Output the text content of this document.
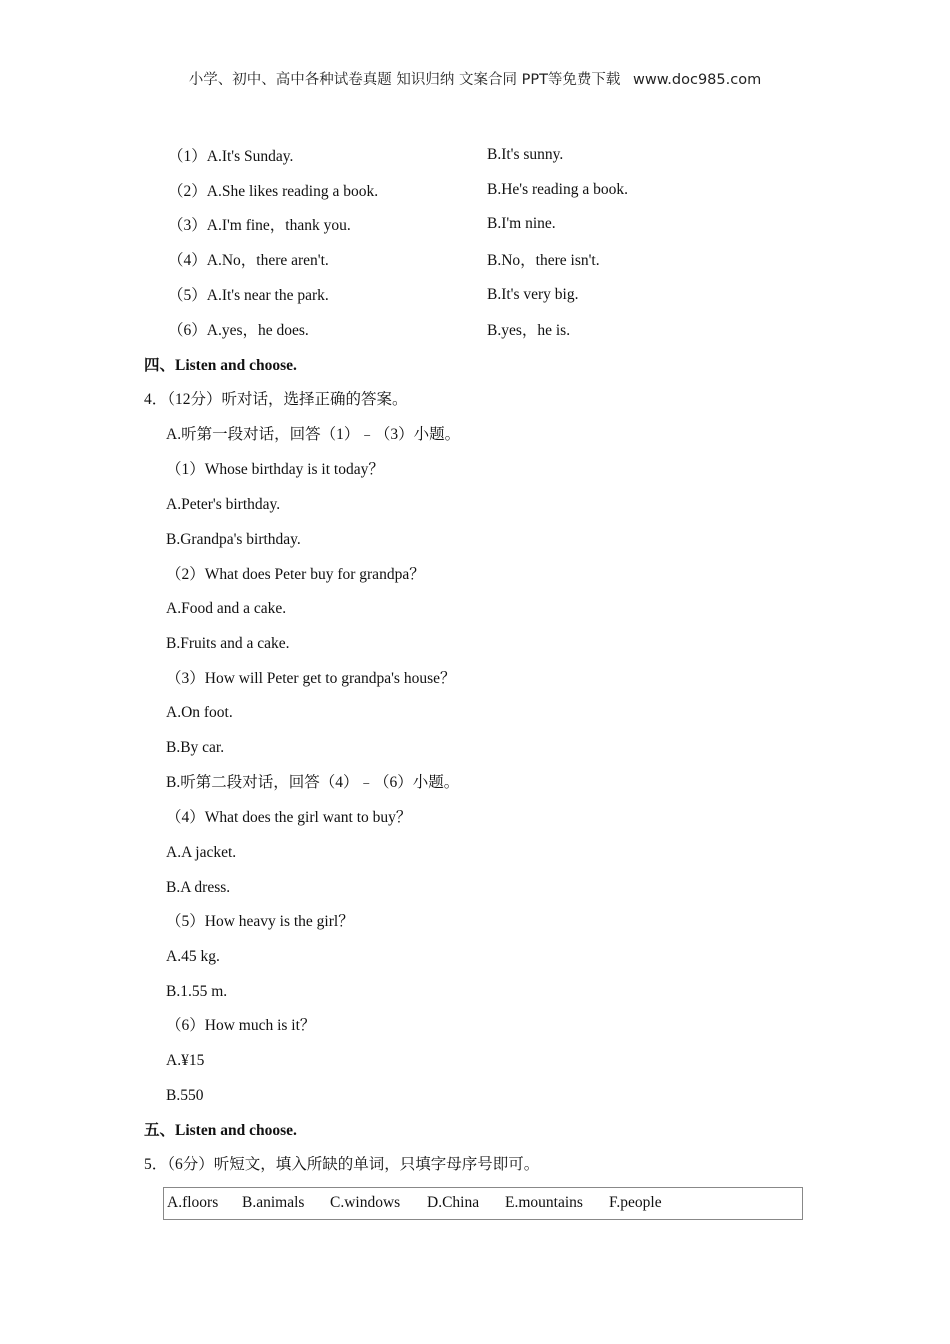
小学、初中、高中各种试卷真题 知识归纳 文案合同 PPT等免费下载 www.doc985.com
（1）A.It's Sunday.	B.It's sunny.
（2）A.She likes reading a book.	B.He's reading a book.
（3）A.I'm fine，thank you.	B.I'm nine.
（4）A.No，there aren't.	B.No，there isn't.
（5）A.It's near the park.	B.It's very big.
（6）A.yes，he does.	B.yes，he is.
四、Listen and choose.
4．（12分）听对话，选择正确的答案。
A.听第一段对话，回答（1）﹣（3）小题。
（1）Whose birthday is it today？
A.Peter's birthday.
B.Grandpa's birthday.
（2）What does Peter buy for grandpa？
A.Food and a cake.
B.Fruits and a cake.
（3）How will Peter get to grandpa's house？
A.On foot.
B.By car.
B.听第二段对话，回答（4）﹣（6）小题。
（4）What does the girl want to buy？
A.A jacket.
B.A dress.
（5）How heavy is the girl？
A.45 kg.
B.1.55 m.
（6）How much is it？
A.¥15
B.550
五、Listen and choose.
5．（6分）听短文，填入所缺的单词，只填字母序号即可。
A.floors B.animals C.windows D.China E.mountains F.people
